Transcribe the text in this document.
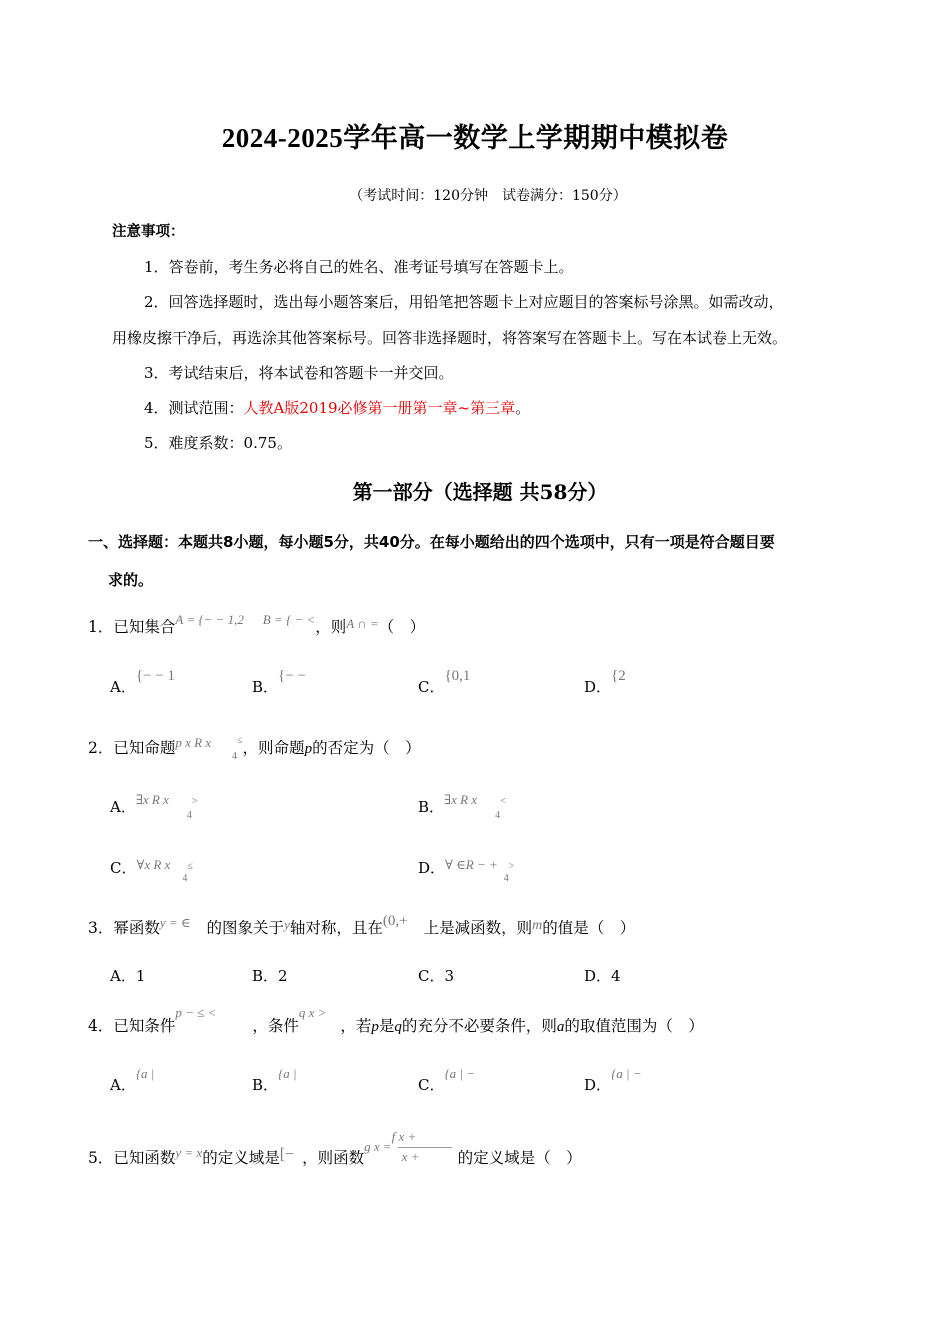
2024-2025学年高一数学上学期期中模拟卷
（考试时间：120分钟　试卷满分：150分）
注意事项：
1．答卷前，考生务必将自己的姓名、准考证号填写在答题卡上。
2．回答选择题时，选出每小题答案后，用铅笔把答题卡上对应题目的答案标号涂黑。如需改动，
用橡皮擦干净后，再选涂其他答案标号。回答非选择题时，将答案写在答题卡上。写在本试卷上无效。
3．考试结束后，将本试卷和答题卡一并交回。
4．测试范围：人教A版2019必修第一册第一章~第三章。
5．难度系数：0.75。
第一部分（选择题 共58分）
一、选择题：本题共8小题，每小题5分，共40分。在每小题给出的四个选项中，只有一项是符合题目要
求的。
1．已知集合$^{A = \{- - 1,2}$ $^{B = \{ - <}$，则$^{A \cap =}$（　）
A．{− − 1
B．{− −
C．{0,1
D．{2
2．已知命题$^{p x R x}$ $_4$≤，则命题p的否定为（　）
A．∃x R $x_4^>$	B．∃x R $x_4^<$
C．∀x R $x_4^\le$	D．∀ ∈R − $+_4^>$
3．幂函数$^{y = \in}$ 的图象关于$^y$轴对称，且在(0,+ 上是减函数，则m的值是（　）
A．1	B．2	C．3	D．4
4．已知条件$^{p - \le <}$，条件$^{q x >}$，若p是q的充分不必要条件，则a的取值范围为（　）
A．{a |
B．{a |
C．{a | −
D．{a | −
5．已知函数$^{y = x}$的定义域是[− ，则函数$^{g x =}$
$\frac{\text{f x +}}{x +}$ 的定义域是（　）
